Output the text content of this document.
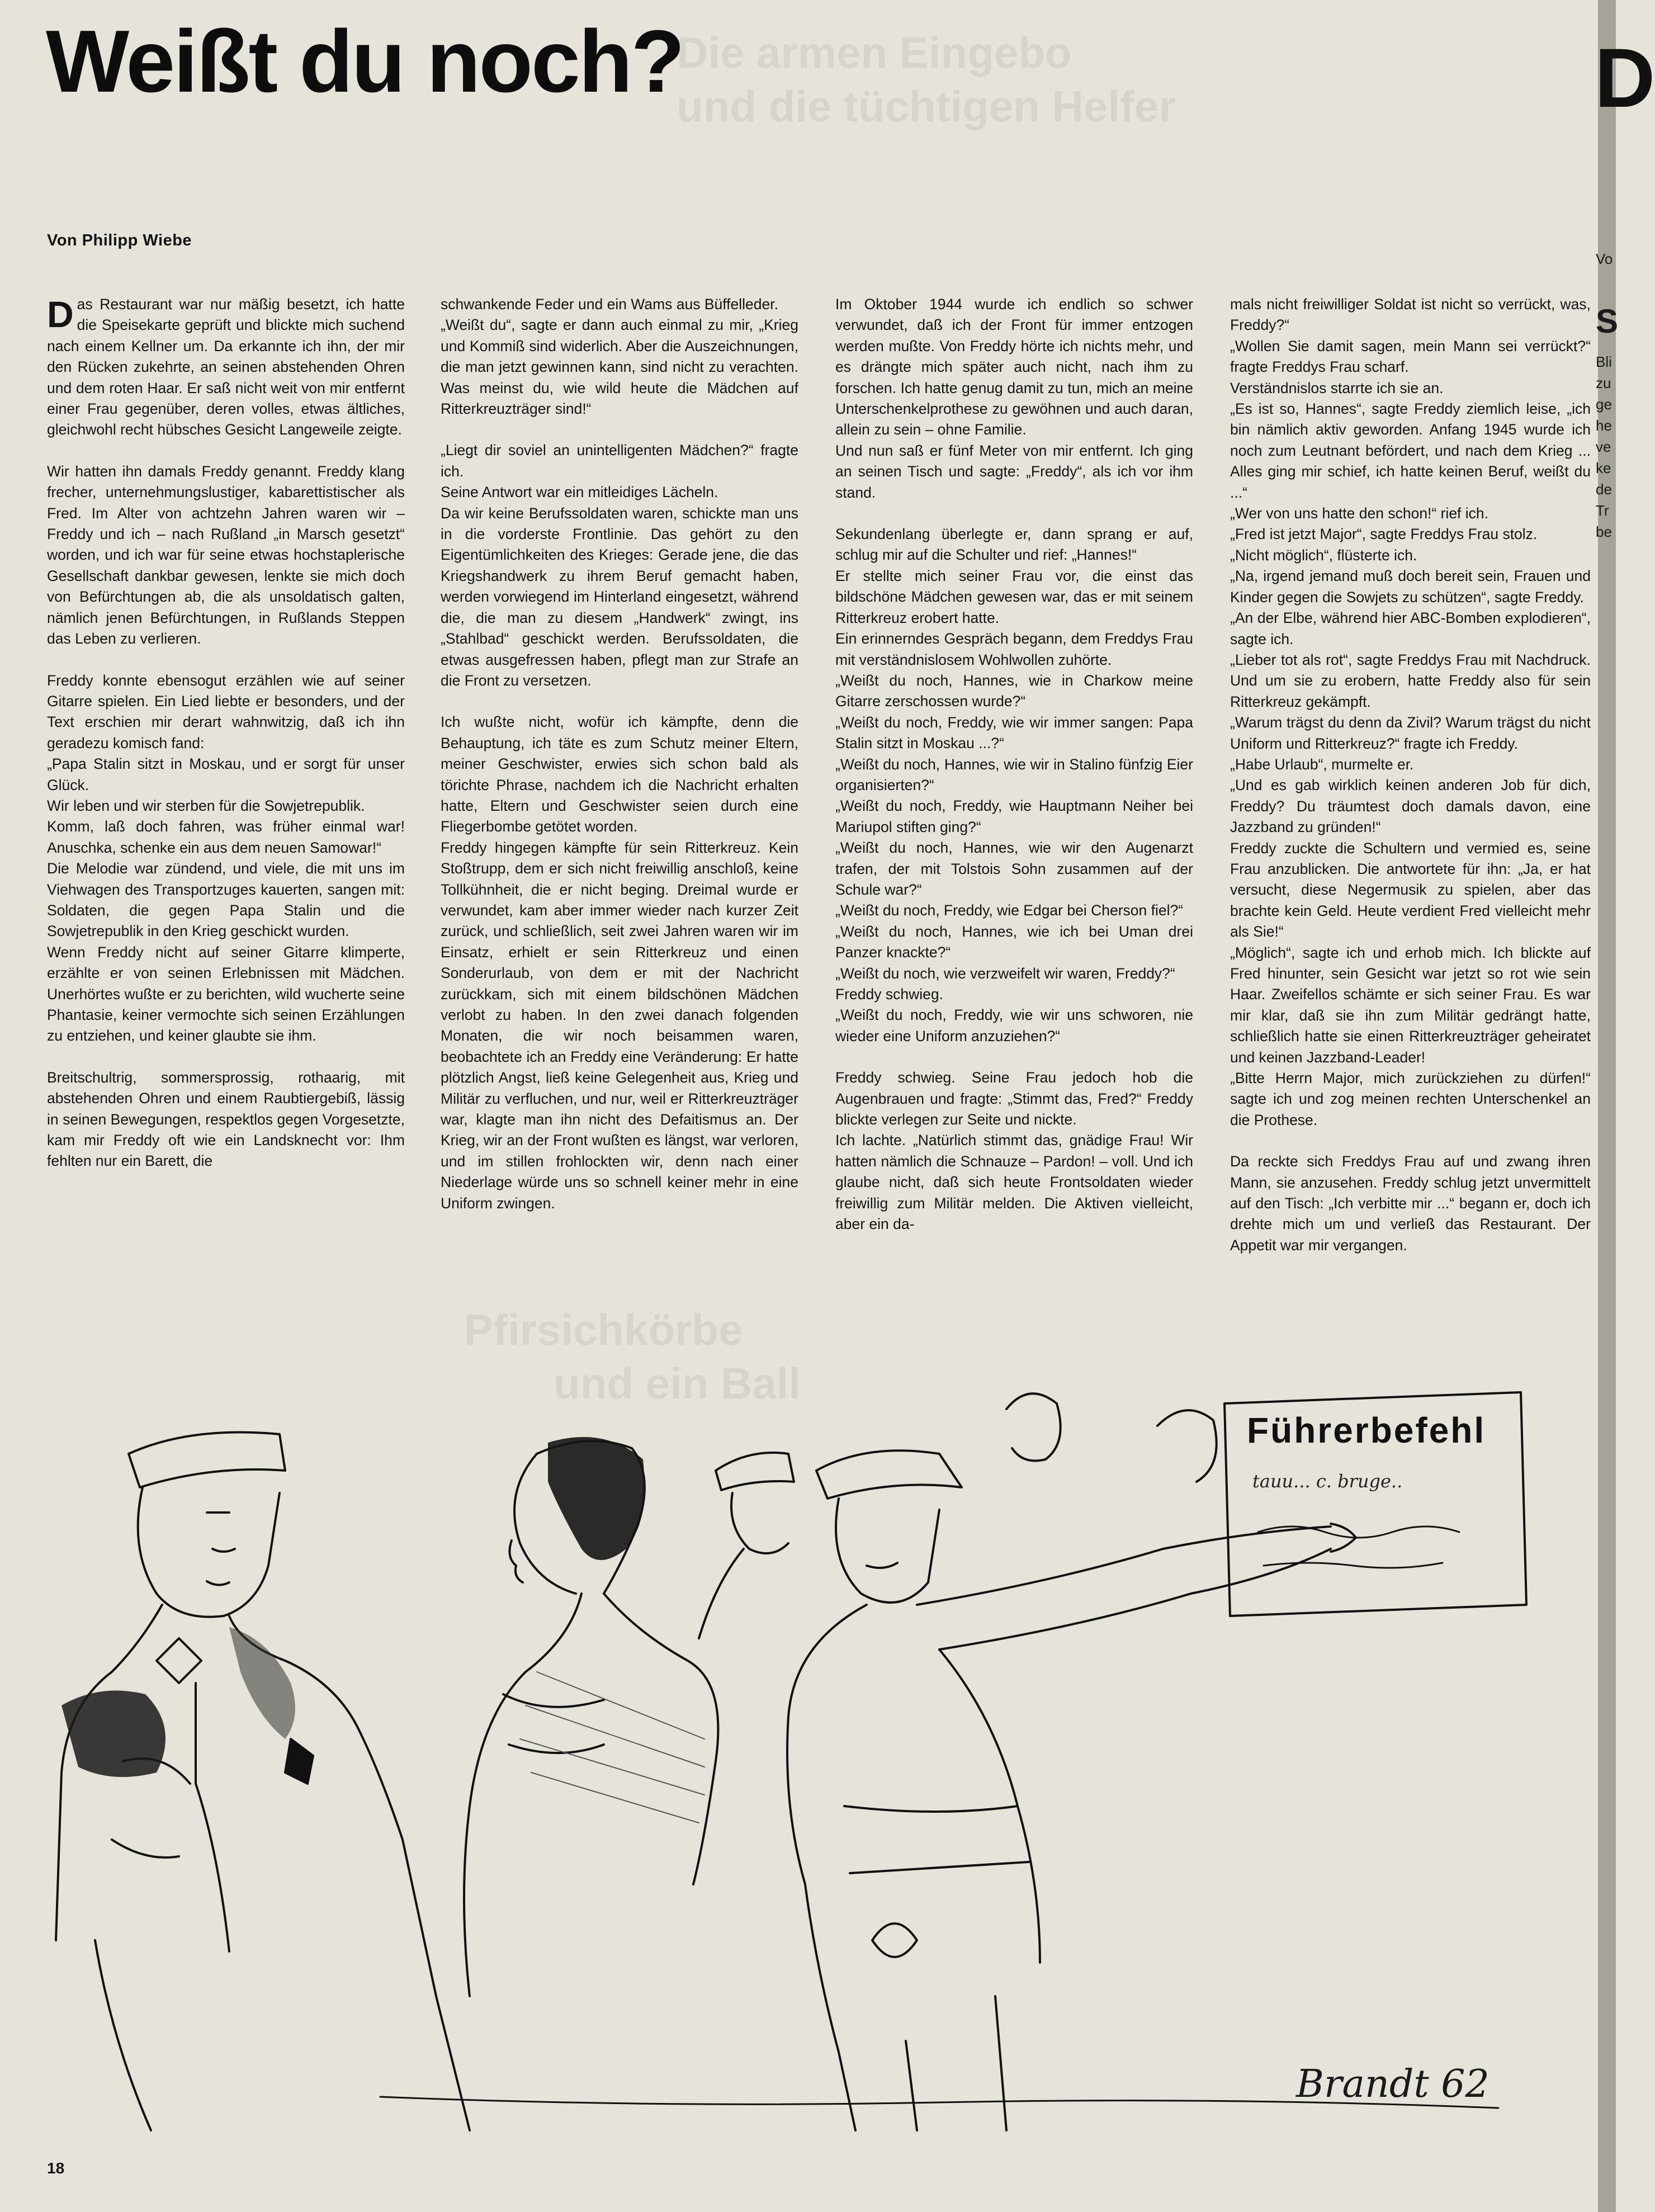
Die armen Eingebo
und die tüchtigen Helfer
Pfirsichkörbe
und ein Ball
Weißt du noch?
Von Philipp Wiebe

Das Restaurant war nur mäßig besetzt, ich hatte die Speisekarte geprüft und blickte mich suchend nach einem Kellner um. Da erkannte ich ihn, der mir den Rücken zukehrte, an seinen abstehenden Ohren und dem roten Haar. Er saß nicht weit von mir entfernt einer Frau gegenüber, deren volles, etwas ältliches, gleichwohl recht hübsches Gesicht Langeweile zeigte.

Wir hatten ihn damals Freddy genannt. Freddy klang frecher, unternehmungslustiger, kabarettistischer als Fred. Im Alter von achtzehn Jahren waren wir – Freddy und ich – nach Rußland „in Marsch gesetzt“ worden, und ich war für seine etwas hochstaplerische Gesellschaft dankbar gewesen, lenkte sie mich doch von Befürchtungen ab, die als unsoldatisch galten, nämlich jenen Befürchtungen, in Rußlands Steppen das Leben zu verlieren.

Freddy konnte ebensogut erzählen wie auf seiner Gitarre spielen. Ein Lied liebte er besonders, und der Text erschien mir derart wahnwitzig, daß ich ihn geradezu komisch fand:
„Papa Stalin sitzt in Moskau, und er sorgt für unser Glück.
Wir leben und wir sterben für die Sowjetrepublik.
Komm, laß doch fahren, was früher einmal war! Anuschka, schenke ein aus dem neuen Samowar!“
Die Melodie war zündend, und viele, die mit uns im Viehwagen des Transportzuges kauerten, sangen mit: Soldaten, die gegen Papa Stalin und die Sowjetrepublik in den Krieg geschickt wurden.
Wenn Freddy nicht auf seiner Gitarre klimperte, erzählte er von seinen Erlebnissen mit Mädchen. Unerhörtes wußte er zu berichten, wild wucherte seine Phantasie, keiner vermochte sich seinen Erzählungen zu entziehen, und keiner glaubte sie ihm.

Breitschultrig, sommersprossig, rothaarig, mit abstehenden Ohren und einem Raubtiergebiß, lässig in seinen Bewegungen, respektlos gegen Vorgesetzte, kam mir Freddy oft wie ein Landsknecht vor: Ihm fehlten nur ein Barett, die

schwankende Feder und ein Wams aus Büffelleder.
„Weißt du“, sagte er dann auch einmal zu mir, „Krieg und Kommiß sind widerlich. Aber die Auszeichnungen, die man jetzt gewinnen kann, sind nicht zu verachten. Was meinst du, wie wild heute die Mädchen auf Ritterkreuzträger sind!“

„Liegt dir soviel an unintelligenten Mädchen?“ fragte ich.
Seine Antwort war ein mitleidiges Lächeln.
Da wir keine Berufssoldaten waren, schickte man uns in die vorderste Frontlinie. Das gehört zu den Eigentümlichkeiten des Krieges: Gerade jene, die das Kriegshandwerk zu ihrem Beruf gemacht haben, werden vorwiegend im Hinterland eingesetzt, während die, die man zu diesem „Handwerk“ zwingt, ins „Stahlbad“ geschickt werden. Berufssoldaten, die etwas ausgefressen haben, pflegt man zur Strafe an die Front zu versetzen.

Ich wußte nicht, wofür ich kämpfte, denn die Behauptung, ich täte es zum Schutz meiner Eltern, meiner Geschwister, erwies sich schon bald als törichte Phrase, nachdem ich die Nachricht erhalten hatte, Eltern und Geschwister seien durch eine Fliegerbombe getötet worden.
Freddy hingegen kämpfte für sein Ritterkreuz. Kein Stoßtrupp, dem er sich nicht freiwillig anschloß, keine Tollkühnheit, die er nicht beging. Dreimal wurde er verwundet, kam aber immer wieder nach kurzer Zeit zurück, und schließlich, seit zwei Jahren waren wir im Einsatz, erhielt er sein Ritterkreuz und einen Sonderurlaub, von dem er mit der Nachricht zurückkam, sich mit einem bildschönen Mädchen verlobt zu haben. In den zwei danach folgenden Monaten, die wir noch beisammen waren, beobachtete ich an Freddy eine Veränderung: Er hatte plötzlich Angst, ließ keine Gelegenheit aus, Krieg und Militär zu verfluchen, und nur, weil er Ritterkreuzträger war, klagte man ihn nicht des Defaitismus an. Der Krieg, wir an der Front wußten es längst, war verloren, und im stillen frohlockten wir, denn nach einer Niederlage würde uns so schnell keiner mehr in eine Uniform zwingen.

Im Oktober 1944 wurde ich endlich so schwer verwundet, daß ich der Front für immer entzogen werden mußte. Von Freddy hörte ich nichts mehr, und es drängte mich später auch nicht, nach ihm zu forschen. Ich hatte genug damit zu tun, mich an meine Unterschenkelprothese zu gewöhnen und auch daran, allein zu sein – ohne Familie.
Und nun saß er fünf Meter von mir entfernt. Ich ging an seinen Tisch und sagte: „Freddy“, als ich vor ihm stand.

Sekundenlang überlegte er, dann sprang er auf, schlug mir auf die Schulter und rief: „Hannes!“
Er stellte mich seiner Frau vor, die einst das bildschöne Mädchen gewesen war, das er mit seinem Ritterkreuz erobert hatte.
Ein erinnerndes Gespräch begann, dem Freddys Frau mit verständnislosem Wohlwollen zuhörte.
„Weißt du noch, Hannes, wie in Charkow meine Gitarre zerschossen wurde?“
„Weißt du noch, Freddy, wie wir immer sangen: Papa Stalin sitzt in Moskau ...?“
„Weißt du noch, Hannes, wie wir in Stalino fünfzig Eier organisierten?“
„Weißt du noch, Freddy, wie Hauptmann Neiher bei Mariupol stiften ging?“
„Weißt du noch, Hannes, wie wir den Augenarzt trafen, der mit Tolstois Sohn zusammen auf der Schule war?“
„Weißt du noch, Freddy, wie Edgar bei Cherson fiel?“
„Weißt du noch, Hannes, wie ich bei Uman drei Panzer knackte?“
„Weißt du noch, wie verzweifelt wir waren, Freddy?“
Freddy schwieg.
„Weißt du noch, Freddy, wie wir uns schworen, nie wieder eine Uniform anzuziehen?“

Freddy schwieg. Seine Frau jedoch hob die Augenbrauen und fragte: „Stimmt das, Fred?“ Freddy blickte verlegen zur Seite und nickte.
Ich lachte. „Natürlich stimmt das, gnädige Frau! Wir hatten nämlich die Schnauze – Pardon! – voll. Und ich glaube nicht, daß sich heute Frontsoldaten wieder freiwillig zum Militär melden. Die Aktiven vielleicht, aber ein da-

mals nicht freiwilliger Soldat ist nicht so verrückt, was, Freddy?“
„Wollen Sie damit sagen, mein Mann sei verrückt?“ fragte Freddys Frau scharf.
Verständnislos starrte ich sie an.
„Es ist so, Hannes“, sagte Freddy ziemlich leise, „ich bin nämlich aktiv geworden. Anfang 1945 wurde ich noch zum Leutnant befördert, und nach dem Krieg ... Alles ging mir schief, ich hatte keinen Beruf, weißt du ...“
„Wer von uns hatte den schon!“ rief ich.
„Fred ist jetzt Major“, sagte Freddys Frau stolz.
„Nicht möglich“, flüsterte ich.
„Na, irgend jemand muß doch bereit sein, Frauen und Kinder gegen die Sowjets zu schützen“, sagte Freddy.
„An der Elbe, während hier ABC-Bomben explodieren“, sagte ich.
„Lieber tot als rot“, sagte Freddys Frau mit Nachdruck. Und um sie zu erobern, hatte Freddy also für sein Ritterkreuz gekämpft.
„Warum trägst du denn da Zivil? Warum trägst du nicht Uniform und Ritterkreuz?“ fragte ich Freddy.
„Habe Urlaub“, murmelte er.
„Und es gab wirklich keinen anderen Job für dich, Freddy? Du träumtest doch damals davon, eine Jazzband zu gründen!“
Freddy zuckte die Schultern und vermied es, seine Frau anzublicken. Die antwortete für ihn: „Ja, er hat versucht, diese Negermusik zu spielen, aber das brachte kein Geld. Heute verdient Fred vielleicht mehr als Sie!“
„Möglich“, sagte ich und erhob mich. Ich blickte auf Fred hinunter, sein Gesicht war jetzt so rot wie sein Haar. Zweifellos schämte er sich seiner Frau. Es war mir klar, daß sie ihn zum Militär gedrängt hatte, schließlich hatte sie einen Ritterkreuzträger geheiratet und keinen Jazzband-Leader!
„Bitte Herrn Major, mich zurückziehen zu dürfen!“ sagte ich und zog meinen rechten Unterschenkel an die Prothese.

Da reckte sich Freddys Frau auf und zwang ihren Mann, sie anzusehen. Freddy schlug jetzt unvermittelt auf den Tisch: „Ich verbitte mir ...“ begann er, doch ich drehte mich um und verließ das Restaurant. Der Appetit war mir vergangen.

Führerbefehl
tauu... c. bruge..
Brandt 62
18
D
Vo
S
Bli
zu
ge
he
ve
ke
de
Tr
be
